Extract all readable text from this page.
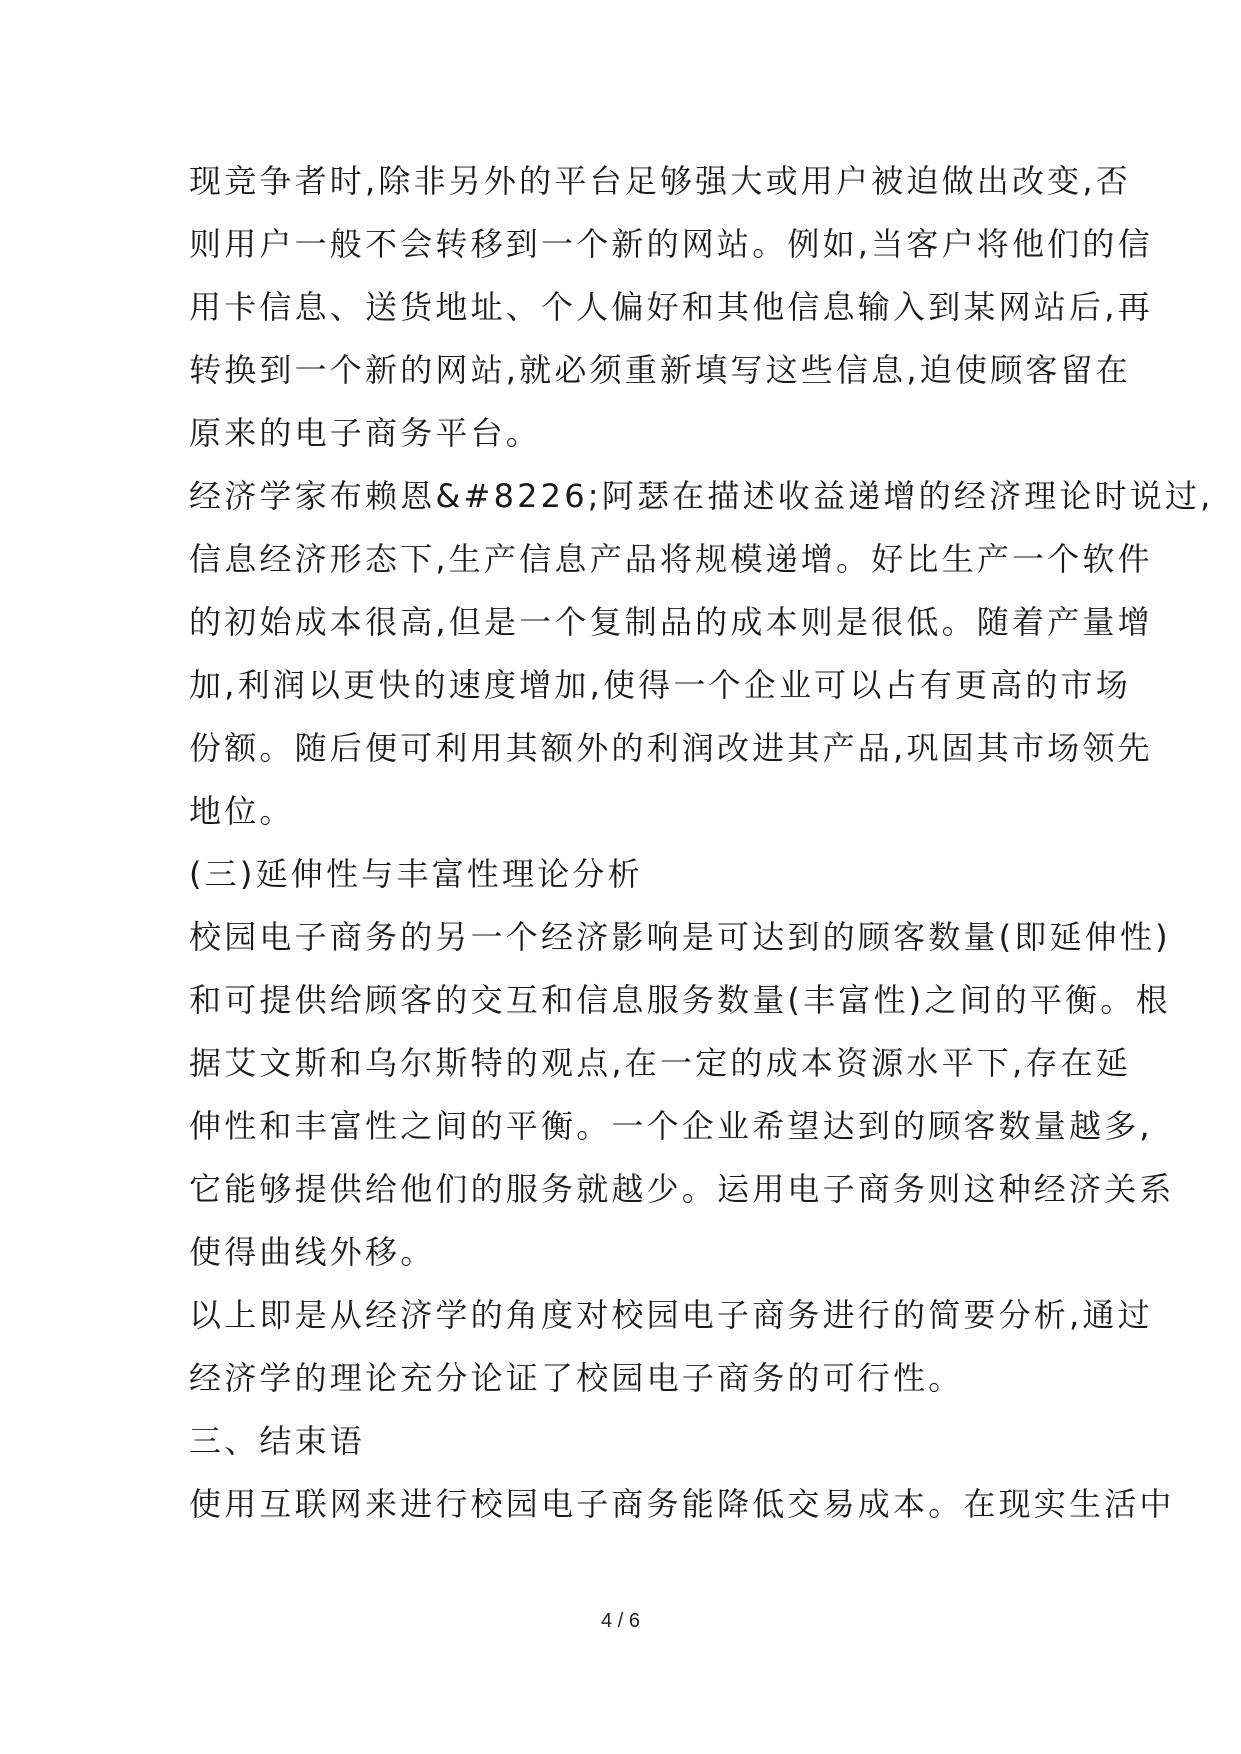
现竞争者时,除非另外的平台足够强大或用户被迫做出改变,否
则用户一般不会转移到一个新的网站。例如,当客户将他们的信
用卡信息、送货地址、个人偏好和其他信息输入到某网站后,再
转换到一个新的网站,就必须重新填写这些信息,迫使顾客留在
原来的电子商务平台。
经济学家布赖恩&#8226;阿瑟在描述收益递增的经济理论时说过,
信息经济形态下,生产信息产品将规模递增。好比生产一个软件
的初始成本很高,但是一个复制品的成本则是很低。随着产量增
加,利润以更快的速度增加,使得一个企业可以占有更高的市场
份额。随后便可利用其额外的利润改进其产品,巩固其市场领先
地位。
(三)延伸性与丰富性理论分析
校园电子商务的另一个经济影响是可达到的顾客数量(即延伸性)
和可提供给顾客的交互和信息服务数量(丰富性)之间的平衡。根
据艾文斯和乌尔斯特的观点,在一定的成本资源水平下,存在延
伸性和丰富性之间的平衡。一个企业希望达到的顾客数量越多,
它能够提供给他们的服务就越少。运用电子商务则这种经济关系
使得曲线外移。
以上即是从经济学的角度对校园电子商务进行的简要分析,通过
经济学的理论充分论证了校园电子商务的可行性。
三、结束语
使用互联网来进行校园电子商务能降低交易成本。在现实生活中
4 / 6
